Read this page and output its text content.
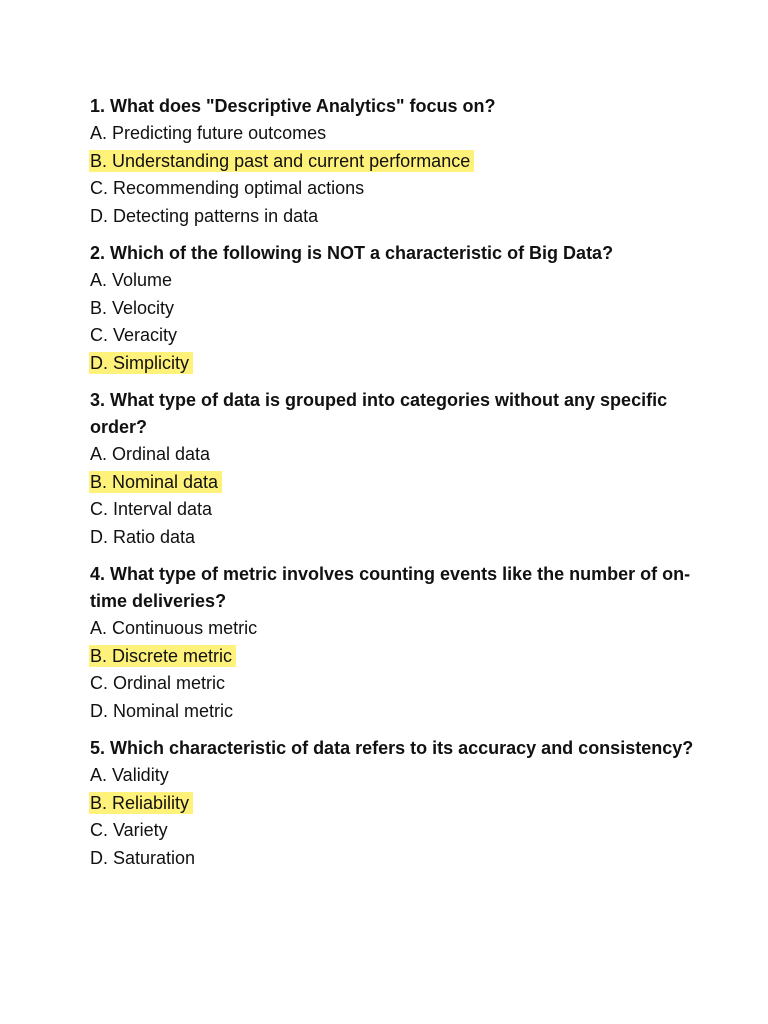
1. What does "Descriptive Analytics" focus on?

A. Predicting future outcomes

B. Understanding past and current performance

C. Recommending optimal actions

D. Detecting patterns in data

2. Which of the following is NOT a characteristic of Big Data?

A. Volume

B. Velocity

C. Veracity

D. Simplicity

3. What type of data is grouped into categories without any specific order?

A. Ordinal data

B. Nominal data

C. Interval data

D. Ratio data

4. What type of metric involves counting events like the number of on-time deliveries?

A. Continuous metric

B. Discrete metric

C. Ordinal metric

D. Nominal metric

5. Which characteristic of data refers to its accuracy and consistency?

A. Validity

B. Reliability

C. Variety

D. Saturation
